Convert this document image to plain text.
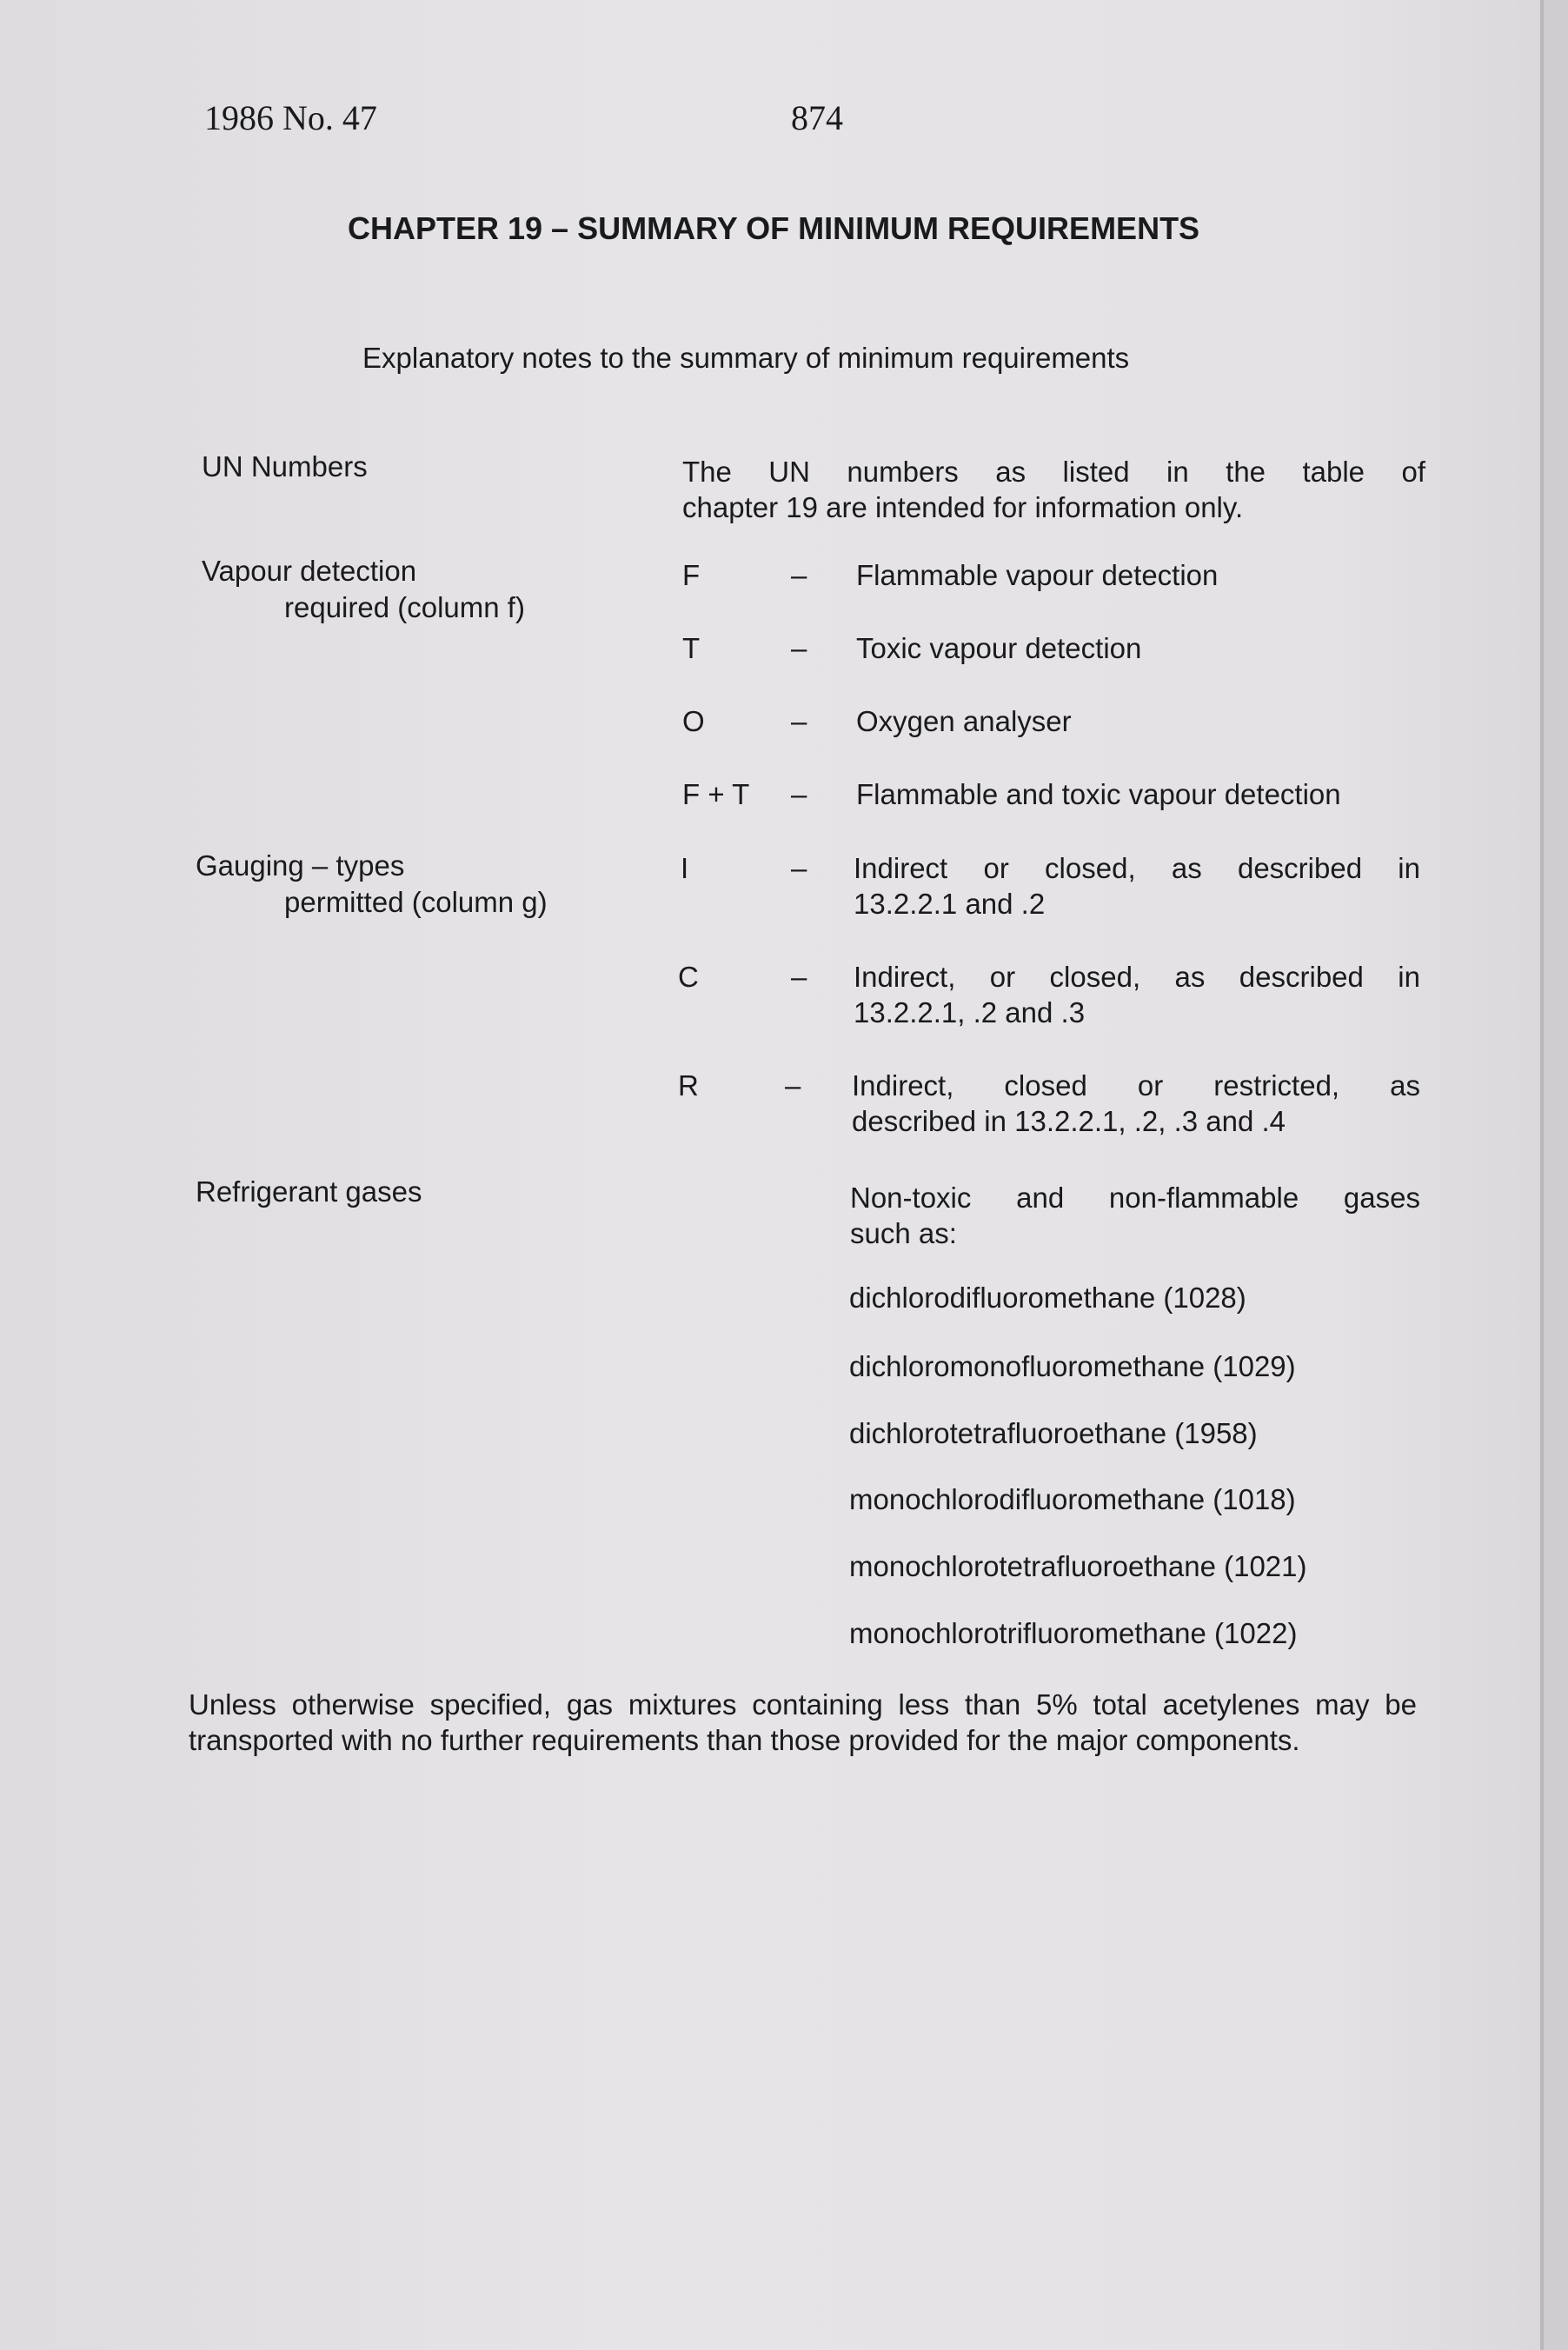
1986 No. 47	874
CHAPTER 19 – SUMMARY OF MINIMUM REQUIREMENTS
Explanatory notes to the summary of minimum requirements
UN Numbers	The UN numbers as listed in the table of
chapter 19 are intended for information only.
Vapour detection
required (column f)
F	– Flammable vapour detection
T	– Toxic vapour detection
O	– Oxygen analyser
F + T – Flammable and toxic vapour detection
Gauging – types
permitted (column g)
I	– Indirect or closed, as described in
13.2.2.1 and .2
C	– Indirect, or closed, as described in
13.2.2.1, .2 and .3
R	– Indirect, closed or restricted, as
described in 13.2.2.1, .2, .3 and .4
Refrigerant gases	Non-toxic and non-flammable gases
such as:
dichlorodifluoromethane (1028)
dichloromonofluoromethane (1029)
dichlorotetrafluoroethane (1958)
monochlorodifluoromethane (1018)
monochlorotetrafluoroethane (1021)
monochlorotrifluoromethane (1022)
Unless otherwise specified, gas mixtures containing less than 5% total acetylenes may be transported with no further requirements than those provided for the major components.
